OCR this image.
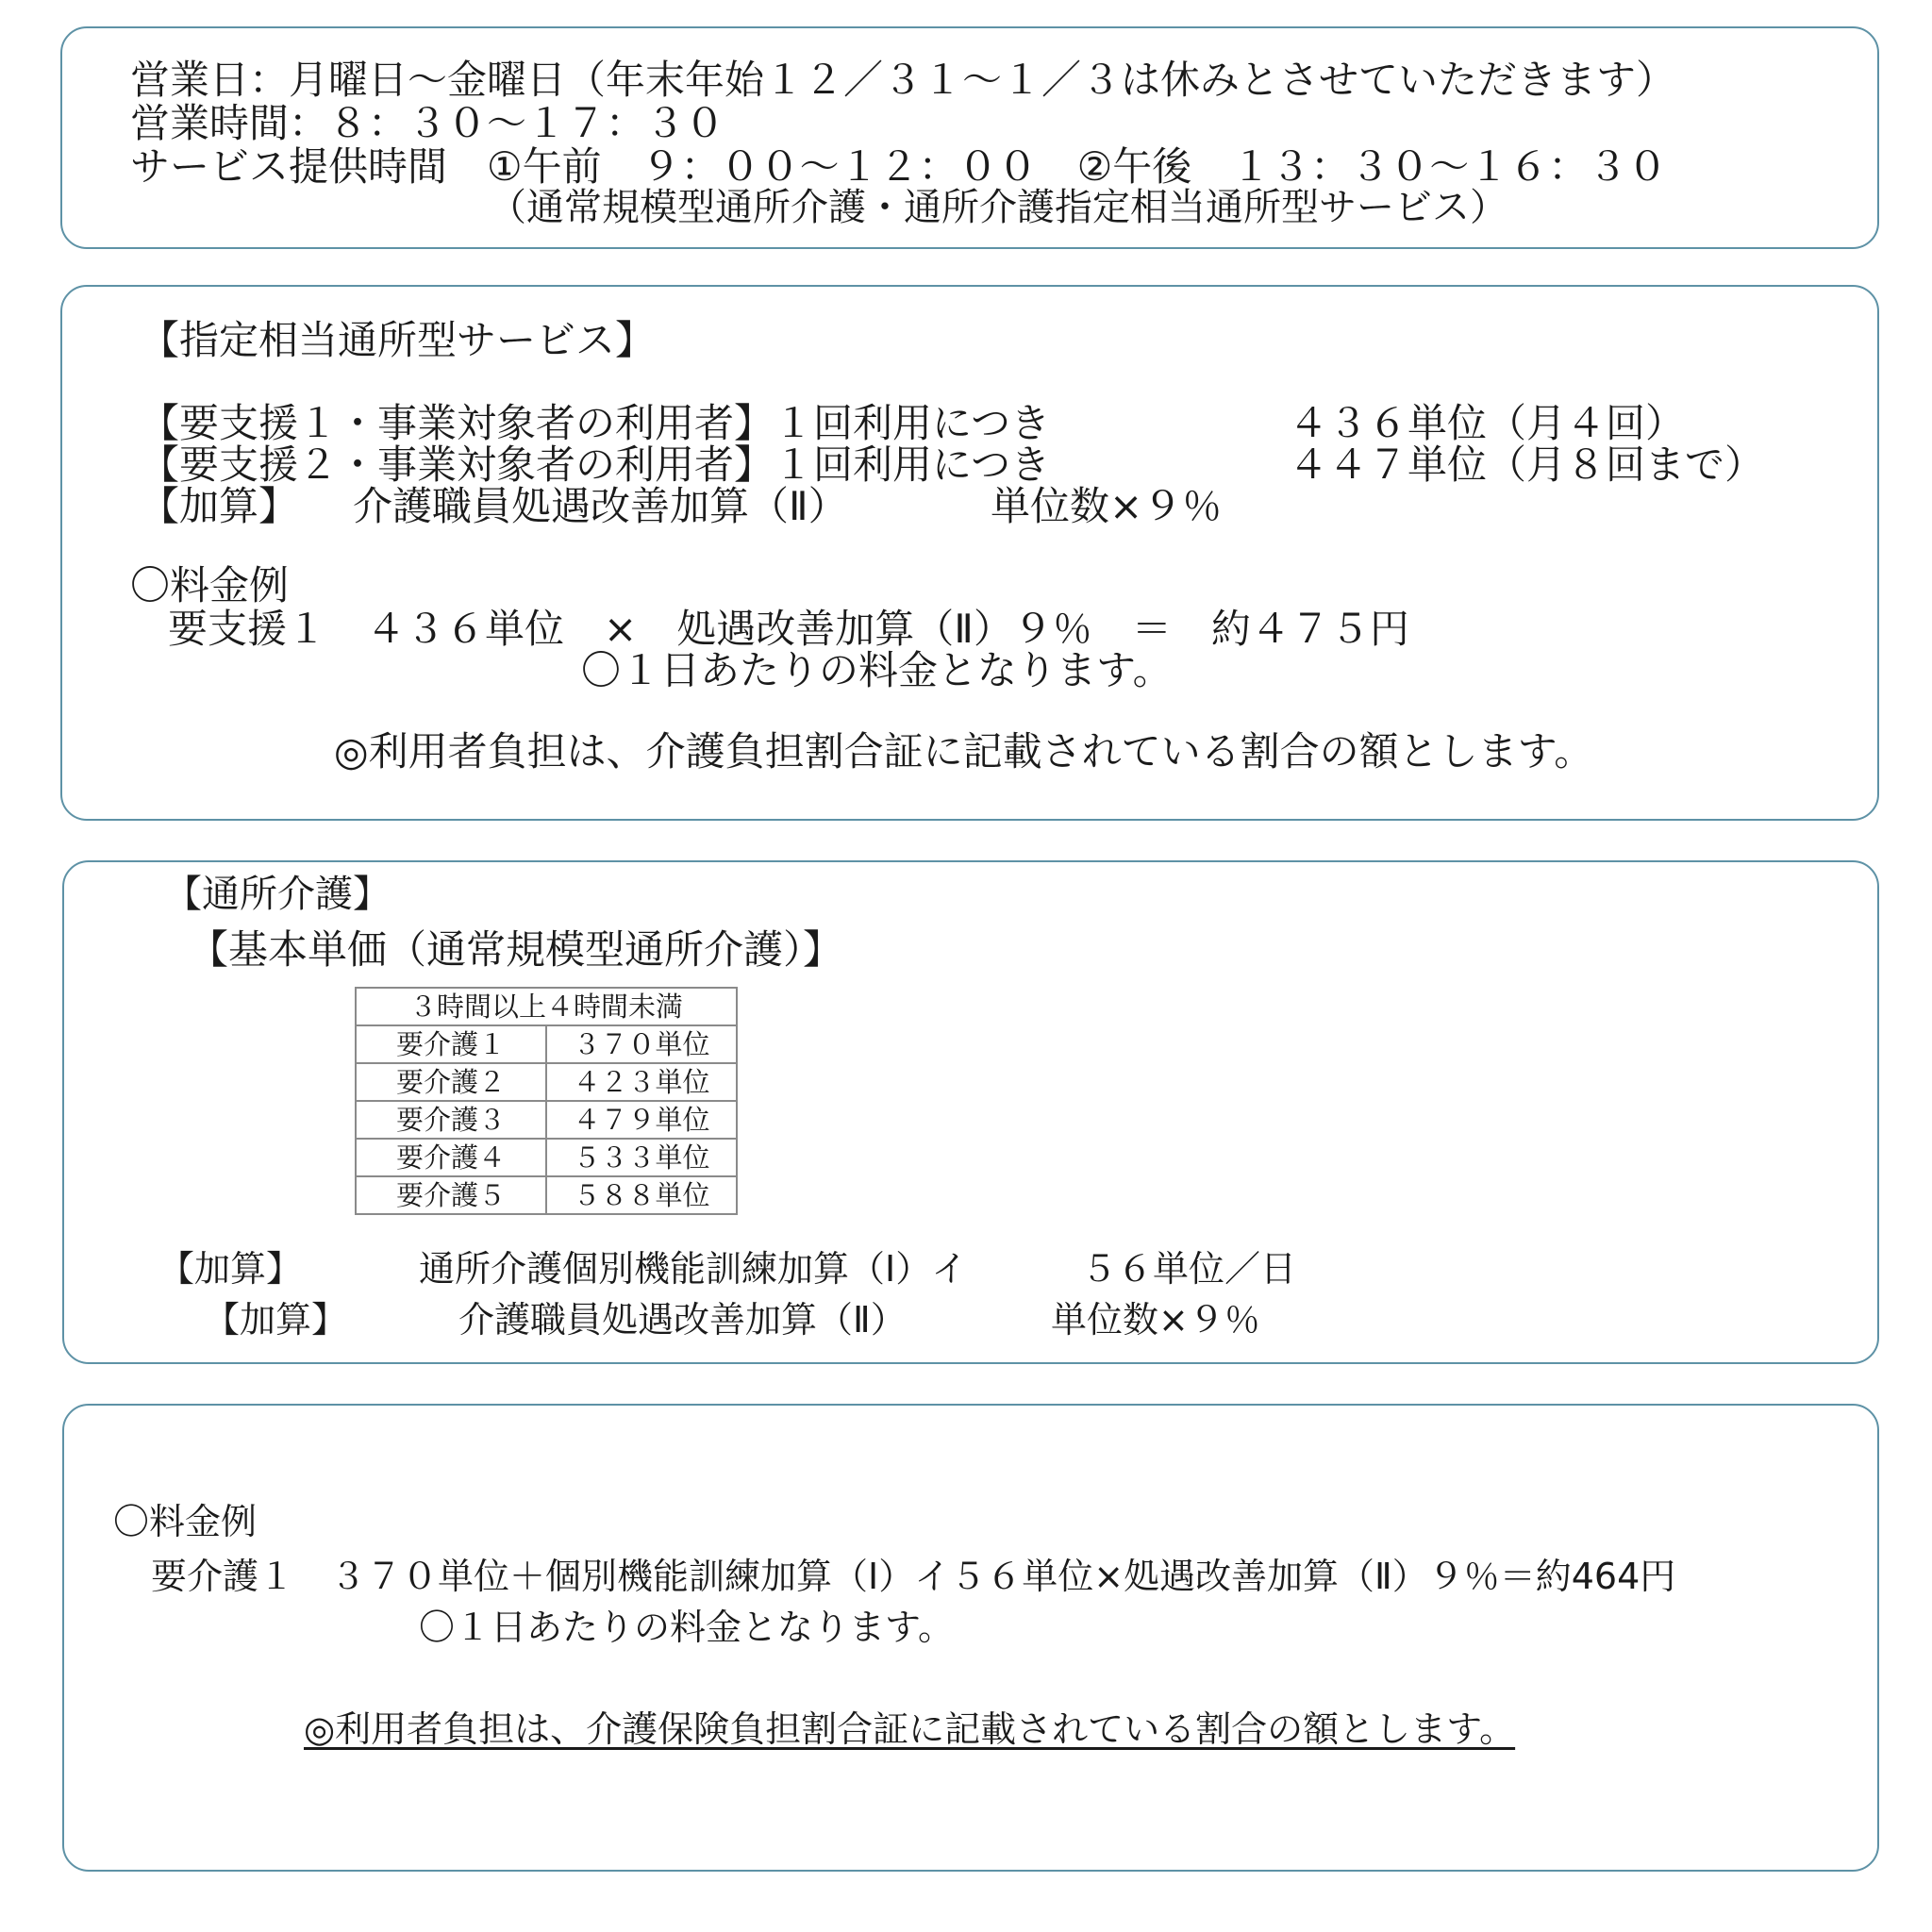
営業日：月曜日～金曜日（年末年始１２／３１～１／３は休みとさせていただきます）
営業時間：８：３０～１７：３０
サービス提供時間　①午前　９：００～１２：００　②午後　１３：３０～１６：３０
（通常規模型通所介護・通所介護指定相当通所型サービス）
【指定相当通所型サービス】
【要支援１・事業対象者の利用者】１回利用につき	４３６単位（月４回）
【要支援２・事業対象者の利用者】１回利用につき	４４７単位（月８回まで）
【加算】 介護職員処遇改善加算（Ⅱ）	単位数×９％
〇料金例
要支援１　４３６単位　×　処遇改善加算（Ⅱ）９％　＝　約４７５円
〇１日あたりの料金となります。
◎利用者負担は、介護負担割合証に記載されている割合の額とします。
【通所介護】
【基本単価（通常規模型通所介護）】
３時間以上４時間未満	
要介護１	３７０単位
要介護２	４２３単位
要介護３	４７９単位
要介護４	５３３単位
要介護５	５８８単位
【加算】	通所介護個別機能訓練加算（Ⅰ）イ	５６単位／日
【加算】	介護職員処遇改善加算（Ⅱ）	単位数×９％
〇料金例
要介護１　３７０単位＋個別機能訓練加算（Ⅰ）イ５６単位×処遇改善加算（Ⅱ）９％＝約464円
〇１日あたりの料金となります。
◎利用者負担は、介護保険負担割合証に記載されている割合の額とします。
